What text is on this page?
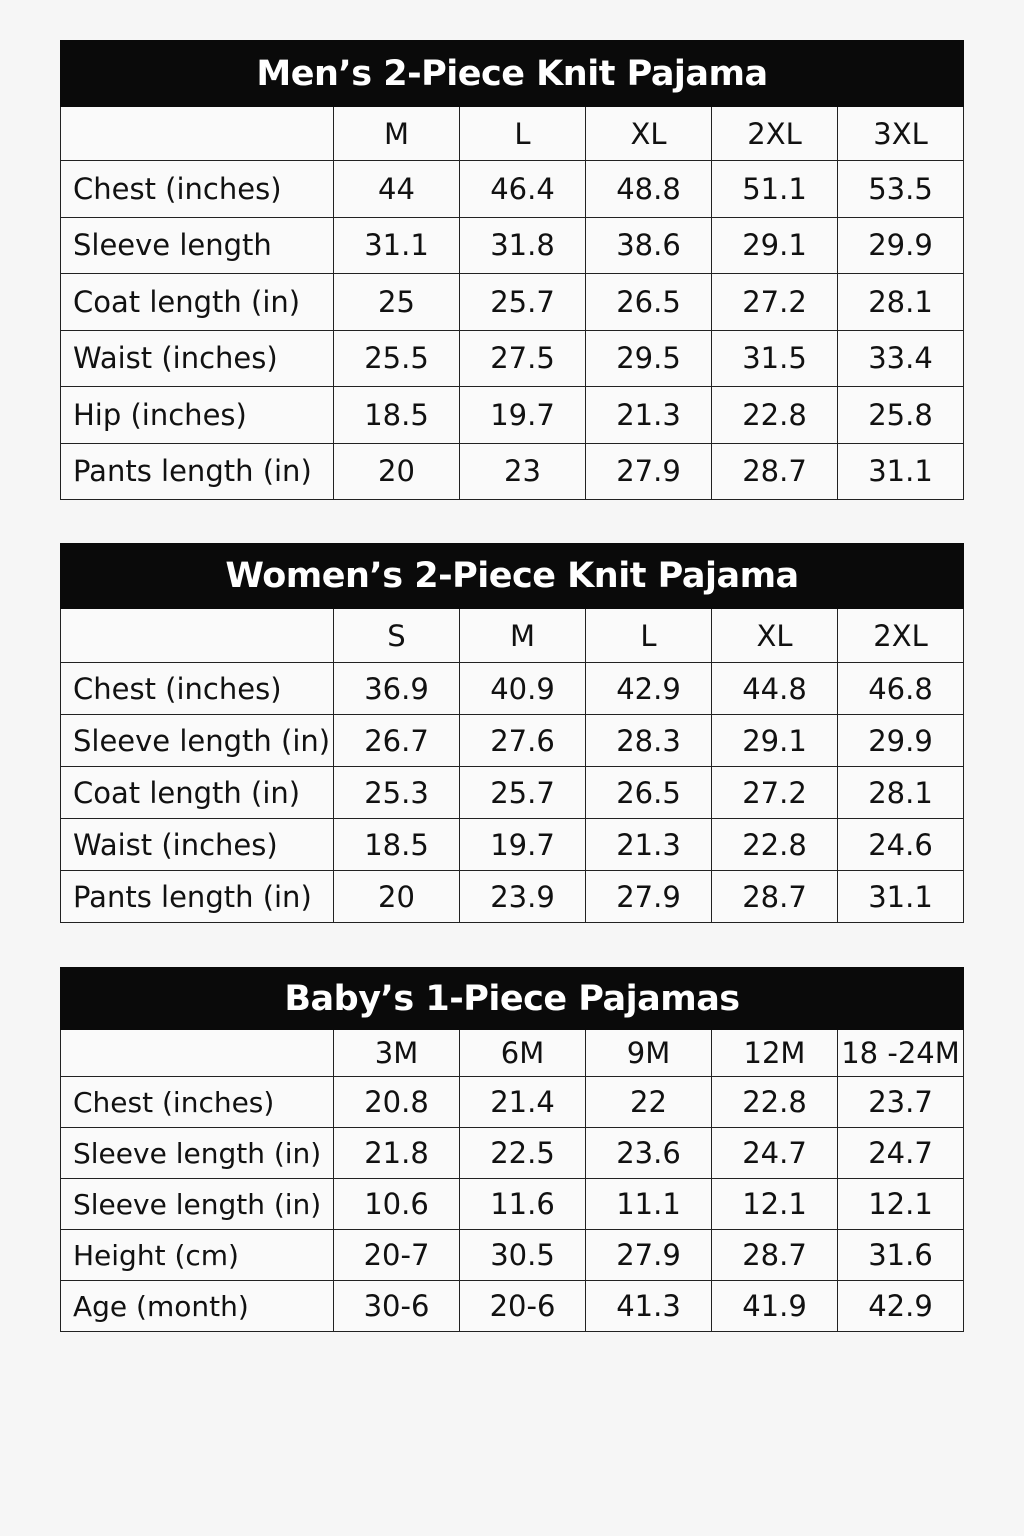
Men’s 2-Piece Knit Pajama					
	M	L	XL	2XL	3XL
Chest (inches)	44	46.4	48.8	51.1	53.5
Sleeve length	31.1	31.8	38.6	29.1	29.9
Coat length (in)	25	25.7	26.5	27.2	28.1
Waist (inches)	25.5	27.5	29.5	31.5	33.4
Hip (inches)	18.5	19.7	21.3	22.8	25.8
Pants length (in)	20	23	27.9	28.7	31.1
Women’s 2-Piece Knit Pajama					
	S	M	L	XL	2XL
Chest (inches)	36.9	40.9	42.9	44.8	46.8
Sleeve length (in)	26.7	27.6	28.3	29.1	29.9
Coat length (in)	25.3	25.7	26.5	27.2	28.1
Waist (inches)	18.5	19.7	21.3	22.8	24.6
Pants length (in)	20	23.9	27.9	28.7	31.1
Baby’s 1-Piece Pajamas					
	3M	6M	9M	12M	18 -24M
Chest (inches)	20.8	21.4	22	22.8	23.7
Sleeve length (in)	21.8	22.5	23.6	24.7	24.7
Sleeve length (in)	10.6	11.6	11.1	12.1	12.1
Height (cm)	20-7	30.5	27.9	28.7	31.6
Age (month)	30-6	20-6	41.3	41.9	42.9
